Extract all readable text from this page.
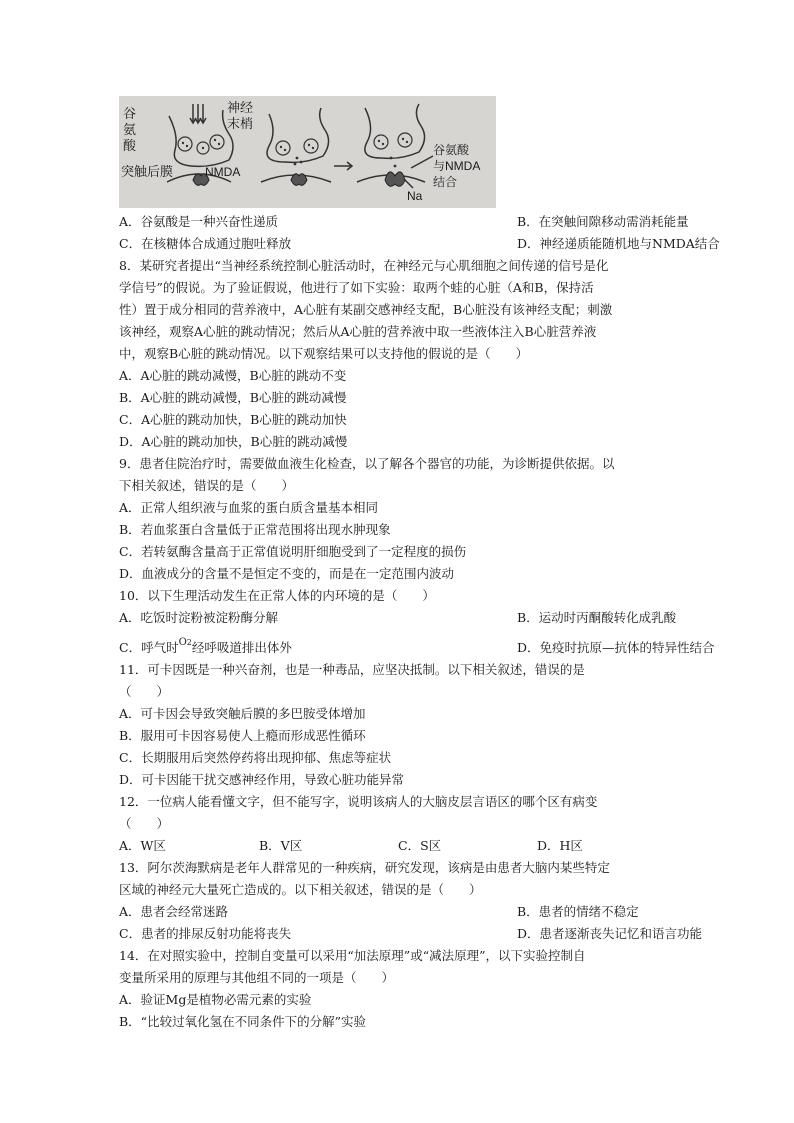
谷
氨
酸
神经
末梢
突触后膜	NMDA
谷氨酸
与NMDA
结合
Na
A．谷氨酸是一种兴奋性递质	B．在突触间隙移动需消耗能量
C．在核糖体合成通过胞吐释放	D．神经递质能随机地与NMDA结合
8．某研究者提出“当神经系统控制心脏活动时，在神经元与心肌细胞之间传递的信号是化
学信号”的假说。为了验证假说，他进行了如下实验：取两个蛙的心脏（A和B，保持活
性）置于成分相同的营养液中，A心脏有某副交感神经支配，B心脏没有该神经支配；刺激
该神经，观察A心脏的跳动情况；然后从A心脏的营养液中取一些液体注入B心脏营养液
中，观察B心脏的跳动情况。以下观察结果可以支持他的假说的是（　　）
A．A心脏的跳动减慢，B心脏的跳动不变
B．A心脏的跳动减慢，B心脏的跳动减慢
C．A心脏的跳动加快，B心脏的跳动加快
D．A心脏的跳动加快，B心脏的跳动减慢
9．患者住院治疗时，需要做血液生化检查，以了解各个器官的功能，为诊断提供依据。以
下相关叙述，错误的是（　　）
A．正常人组织液与血浆的蛋白质含量基本相同
B．若血浆蛋白含量低于正常范围将出现水肿现象
C．若转氨酶含量高于正常值说明肝细胞受到了一定程度的损伤
D．血液成分的含量不是恒定不变的，而是在一定范围内波动
10．以下生理活动发生在正常人体的内环境的是（　　）
A．吃饭时淀粉被淀粉酶分解	B．运动时丙酮酸转化成乳酸
C．呼气时$^{O2}$经呼吸道排出体外	D．免疫时抗原—抗体的特异性结合
11．可卡因既是一种兴奋剂，也是一种毒品，应坚决抵制。以下相关叙述，错误的是
（　　）
A．可卡因会导致突触后膜的多巴胺受体增加
B．服用可卡因容易使人上瘾而形成恶性循环
C．长期服用后突然停药将出现抑郁、焦虑等症状
D．可卡因能干扰交感神经作用，导致心脏功能异常
12．一位病人能看懂文字，但不能写字，说明该病人的大脑皮层言语区的哪个区有病变
（　　）
A．W区	B．V区	C．S区	D．H区
13．阿尔茨海默病是老年人群常见的一种疾病，研究发现，该病是由患者大脑内某些特定
区域的神经元大量死亡造成的。以下相关叙述，错误的是（　　）
A．患者会经常迷路	B．患者的情绪不稳定
C．患者的排尿反射功能将丧失	D．患者逐渐丧失记忆和语言功能
14．在对照实验中，控制自变量可以采用“加法原理”或“减法原理”，以下实验控制自
变量所采用的原理与其他组不同的一项是（　　）
A．验证Mg是植物必需元素的实验
B．“比较过氧化氢在不同条件下的分解”实验
